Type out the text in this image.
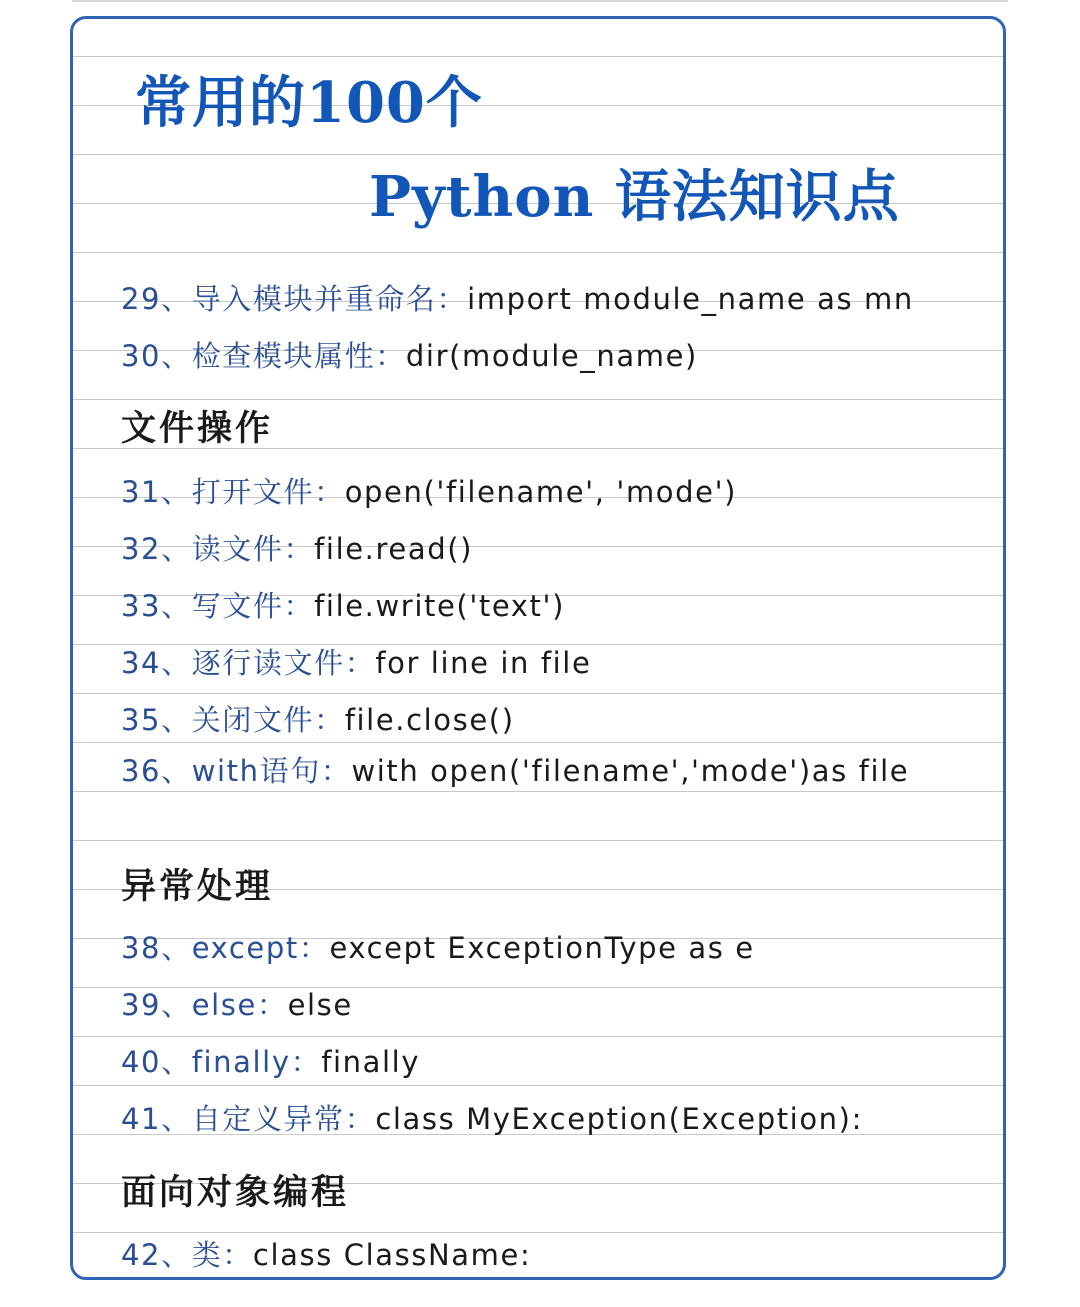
常用的100个
Python 语法知识点
29、导入模块并重命名：import module_name as mn
30、检查模块属性：dir(module_name)
文件操作
31、打开文件：open('filename', 'mode')
32、读文件：file.read()
33、写文件：file.write('text')
34、逐行读文件：for line in file
35、关闭文件：file.close()
36、with语句：with open('filename','mode')as file
异常处理
38、except：except ExceptionType as e
39、else：else
40、finally：finally
41、自定义异常：class MyException(Exception):
面向对象编程
42、类：class ClassName:
